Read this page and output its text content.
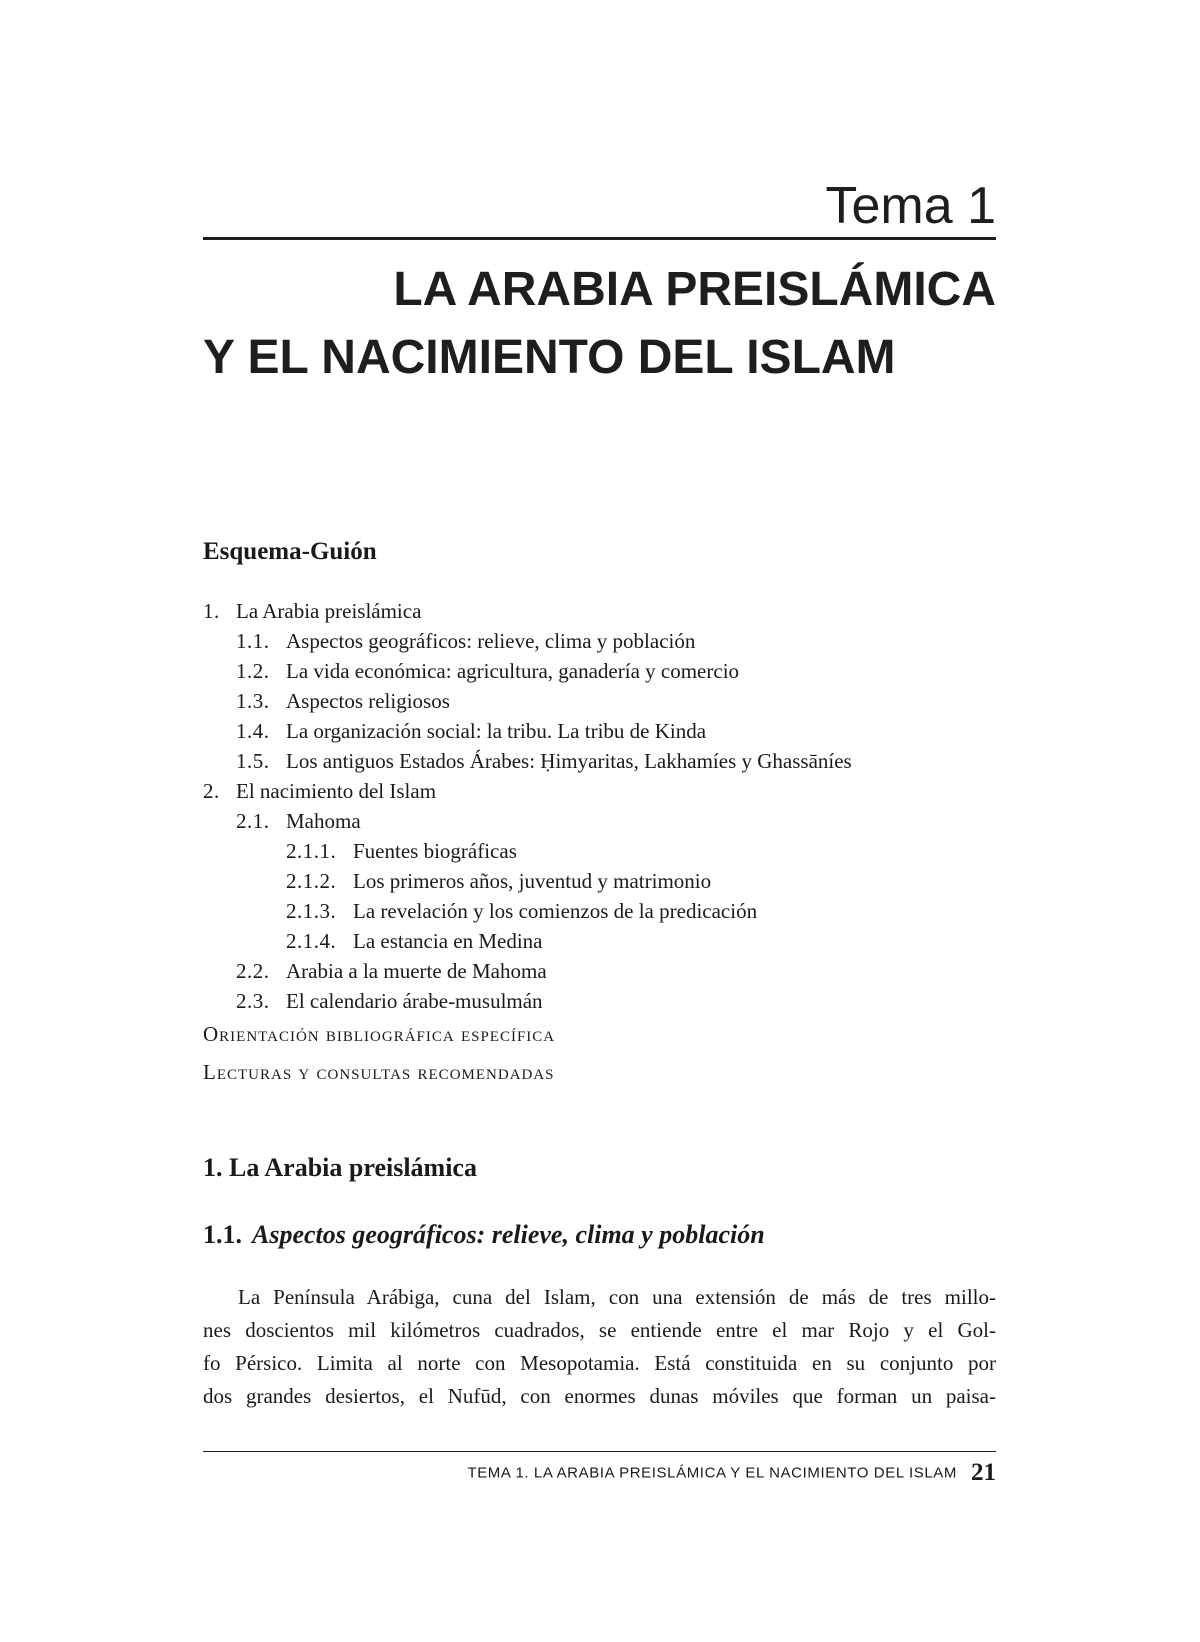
Tema 1
LA ARABIA PREISLÁMICA
Y EL NACIMIENTO DEL ISLAM
Esquema-Guión
1. La Arabia preislámica
1.1. Aspectos geográficos: relieve, clima y población
1.2. La vida económica: agricultura, ganadería y comercio
1.3. Aspectos religiosos
1.4. La organización social: la tribu. La tribu de Kinda
1.5. Los antiguos Estados Árabes: Ḥimyaritas, Lakhamíes y Ghassāníes
2. El nacimiento del Islam
2.1. Mahoma
2.1.1. Fuentes biográficas
2.1.2. Los primeros años, juventud y matrimonio
2.1.3. La revelación y los comienzos de la predicación
2.1.4. La estancia en Medina
2.2. Arabia a la muerte de Mahoma
2.3. El calendario árabe-musulmán
Orientación bibliográfica específica
Lecturas y consultas recomendadas
1. La Arabia preislámica
1.1. Aspectos geográficos: relieve, clima y población
La Península Arábiga, cuna del Islam, con una extensión de más de tres millo-
nes doscientos mil kilómetros cuadrados, se entiende entre el mar Rojo y el Gol-
fo Pérsico. Limita al norte con Mesopotamia. Está constituida en su conjunto por
dos grandes desiertos, el Nufūd, con enormes dunas móviles que forman un paisa-
TEMA 1. LA ARABIA PREISLÁMICA Y EL NACIMIENTO DEL ISLAM 21
